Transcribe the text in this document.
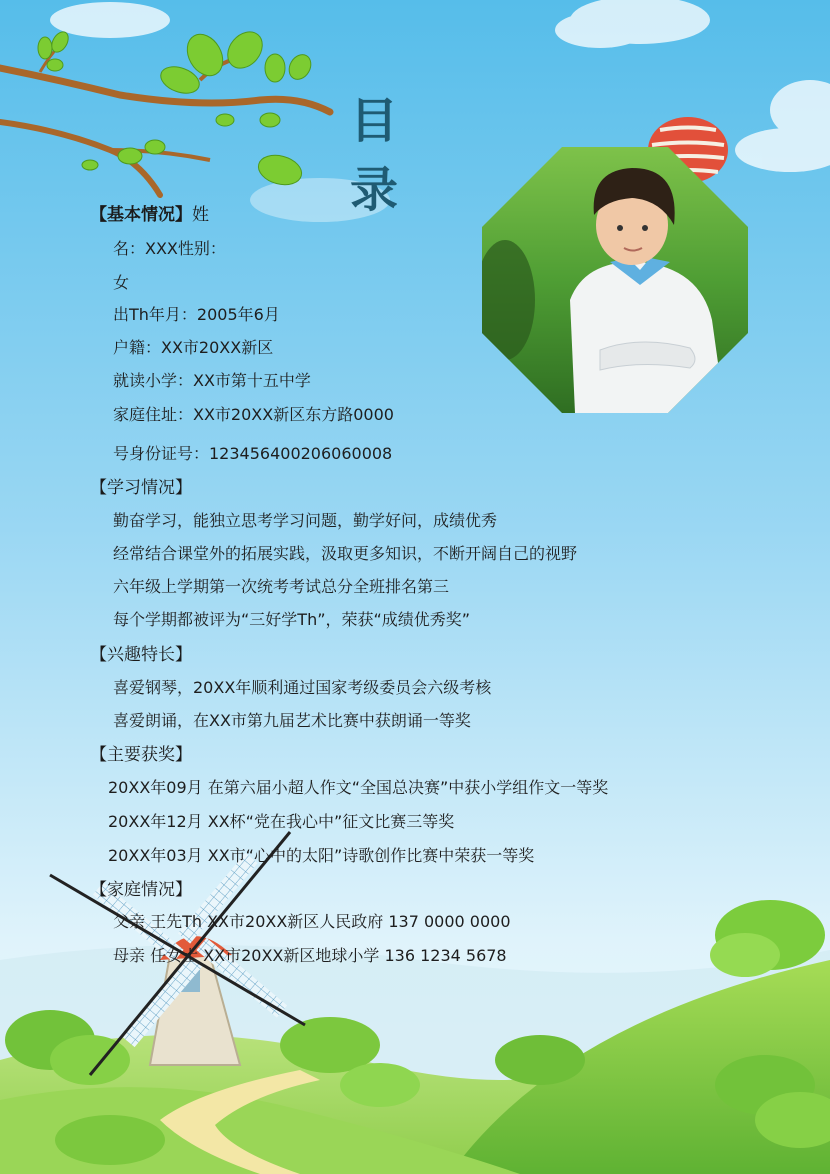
目 录
【基本情况】姓
名：XXX性别：
女
出Th年月：2005年6月
户籍：XX市20XX新区
就读小学：XX市第十五中学
家庭住址：XX市20XX新区东方路0000
号身份证号：123456400206060008
【学习情况】
勤奋学习，能独立思考学习问题，勤学好问，成绩优秀
经常结合课堂外的拓展实践，汲取更多知识，不断开阔自己的视野
六年级上学期第一次统考考试总分全班排名第三
每个学期都被评为“三好学Th”，荣获“成绩优秀奖”
【兴趣特长】
喜爱钢琴，20XX年顺利通过国家考级委员会六级考核
喜爱朗诵，在XX市第九届艺术比赛中获朗诵一等奖
【主要获奖】
20XX年09月 在第六届小超人作文“全国总决赛”中获小学组作文一等奖
20XX年12月 XX杯“党在我心中”征文比赛三等奖
20XX年03月 XX市“心中的太阳”诗歌创作比赛中荣获一等奖
【家庭情况】
父亲 王先Th XX市20XX新区人民政府 137 0000 0000
母亲 任女士 XX市20XX新区地球小学 136 1234 5678
